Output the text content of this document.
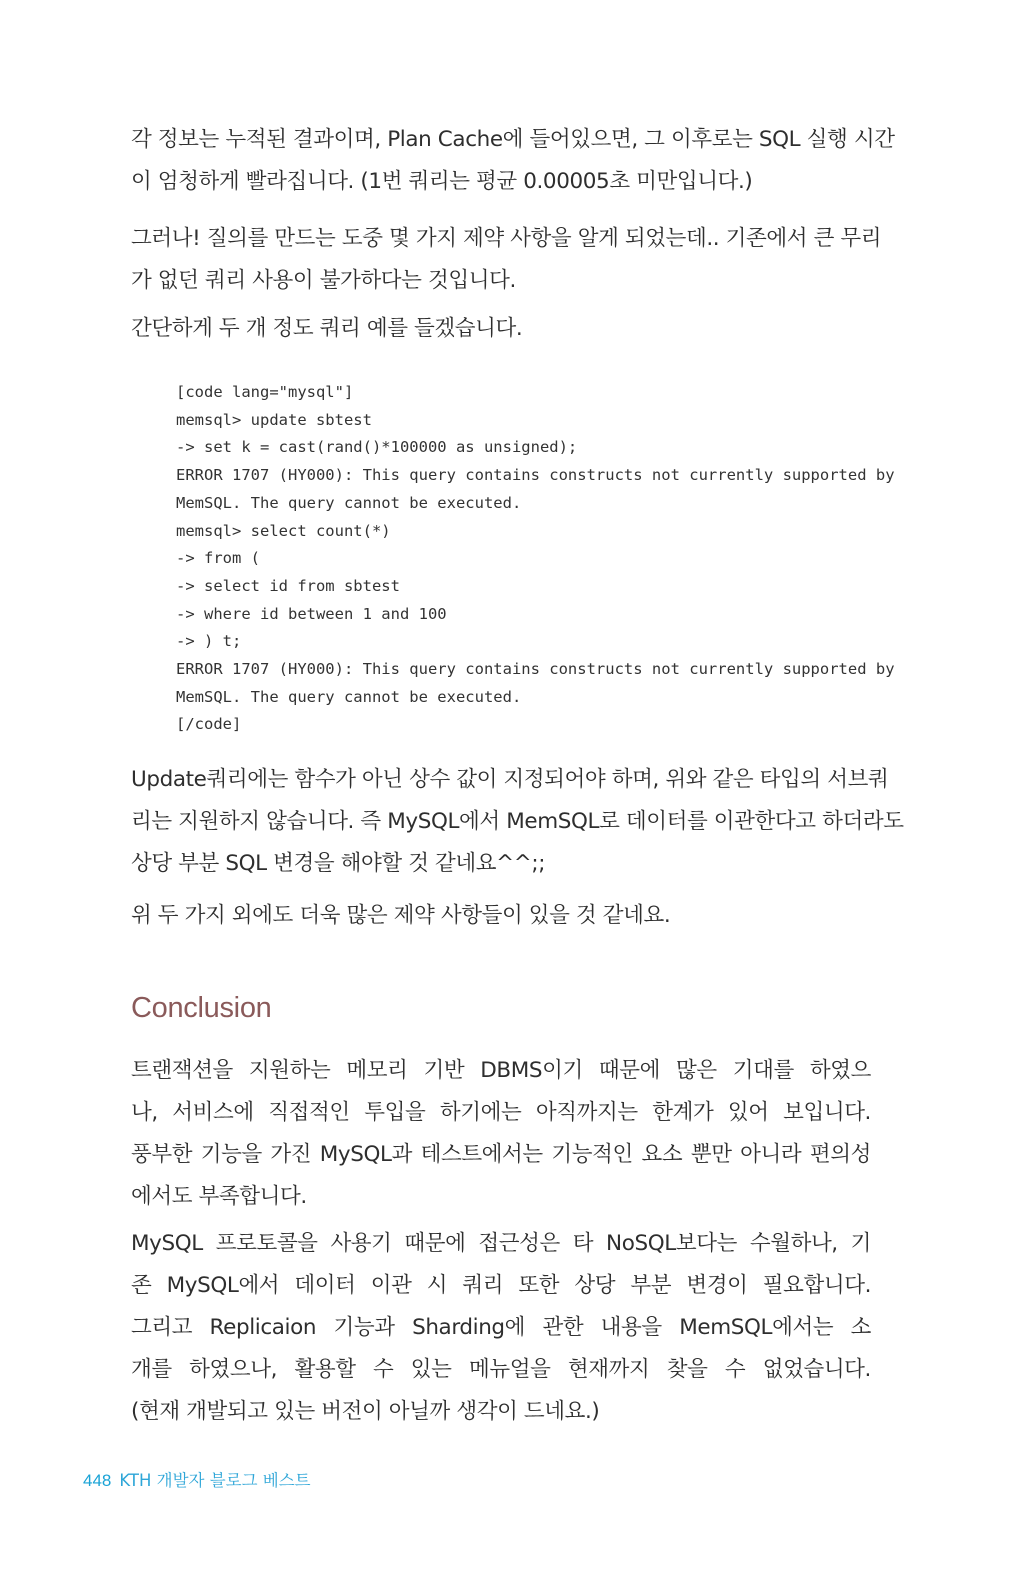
각 정보는 누적된 결과이며, Plan Cache에 들어있으면, 그 이후로는 SQL 실행 시간
이 엄청하게 빨라집니다. (1번 쿼리는 평균 0.00005초 미만입니다.)
그러나! 질의를 만드는 도중 몇 가지 제약 사항을 알게 되었는데.. 기존에서 큰 무리
가 없던 쿼리 사용이 불가하다는 것입니다.
간단하게 두 개 정도 쿼리 예를 들겠습니다.
[code lang="mysql"]
memsql> update sbtest
-> set k = cast(rand()*100000 as unsigned);
ERROR 1707 (HY000): This query contains constructs not currently supported by
MemSQL. The query cannot be executed.
memsql> select count(*)
-> from (
-> select id from sbtest
-> where id between 1 and 100
-> ) t;
ERROR 1707 (HY000): This query contains constructs not currently supported by
MemSQL. The query cannot be executed.
[/code]
Update쿼리에는 함수가 아닌 상수 값이 지정되어야 하며, 위와 같은 타입의 서브쿼
리는 지원하지 않습니다. 즉 MySQL에서 MemSQL로 데이터를 이관한다고 하더라도
상당 부분 SQL 변경을 해야할 것 같네요^^;;
위 두 가지 외에도 더욱 많은 제약 사항들이 있을 것 같네요.
Conclusion
트랜잭션을 지원하는 메모리 기반 DBMS이기 때문에 많은 기대를 하였으
나, 서비스에 직접적인 투입을 하기에는 아직까지는 한계가 있어 보입니다.
풍부한 기능을 가진 MySQL과 테스트에서는 기능적인 요소 뿐만 아니라 편의성
에서도 부족합니다.
MySQL 프로토콜을 사용기 때문에 접근성은 타 NoSQL보다는 수월하나, 기
존 MySQL에서 데이터 이관 시 쿼리 또한 상당 부분 변경이 필요합니다.
그리고 Replicaion 기능과 Sharding에 관한 내용을 MemSQL에서는 소
개를 하였으나, 활용할 수 있는 메뉴얼을 현재까지 찾을 수 없었습니다.
(현재 개발되고 있는 버전이 아닐까 생각이 드네요.)
448 KTH 개발자 블로그 베스트
